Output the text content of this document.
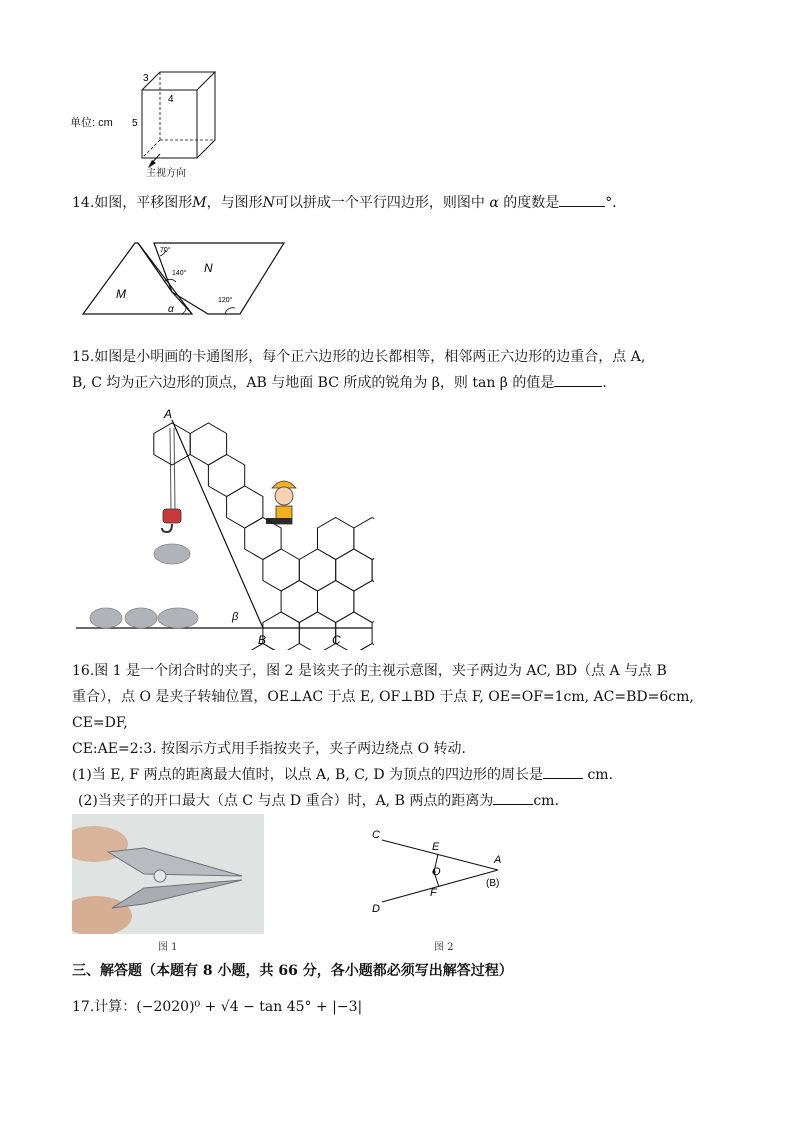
3
4
5
单位: cm
主视方向
14.如图，平移图形M，与图形N可以拼成一个平行四边形，则图中 α 的度数是	°．
70°
140°
120°
M
N
α
15.如图是小明画的卡通图形，每个正六边形的边长都相等，相邻两正六边形的边重合，点 A,
B, C 均为正六边形的顶点，AB 与地面 BC 所成的锐角为 β，则 tan β 的值是	．
A
B	C
β
16.图 1 是一个闭合时的夹子，图 2 是该夹子的主视示意图，夹子两边为 AC, BD（点 A 与点 B
重合），点 O 是夹子转轴位置，OE⊥AC 于点 E, OF⊥BD 于点 F, OE=OF=1cm, AC=BD=6cm, CE=DF,
CE:AE=2:3. 按图示方式用手指按夹子，夹子两边绕点 O 转动．
(1)当 E, F 两点的距离最大值时，以点 A, B, C, D 为顶点的四边形的周长是	cm.
(2)当夹子的开口最大（点 C 与点 D 重合）时，A, B 两点的距离为	cm.
图 1
C
E
O
A
(B)
F
D
图 2
三、解答题（本题有 8 小题，共 66 分，各小题都必须写出解答过程）
17.计算：(−2020)⁰ + √4 − tan 45° + |−3|
